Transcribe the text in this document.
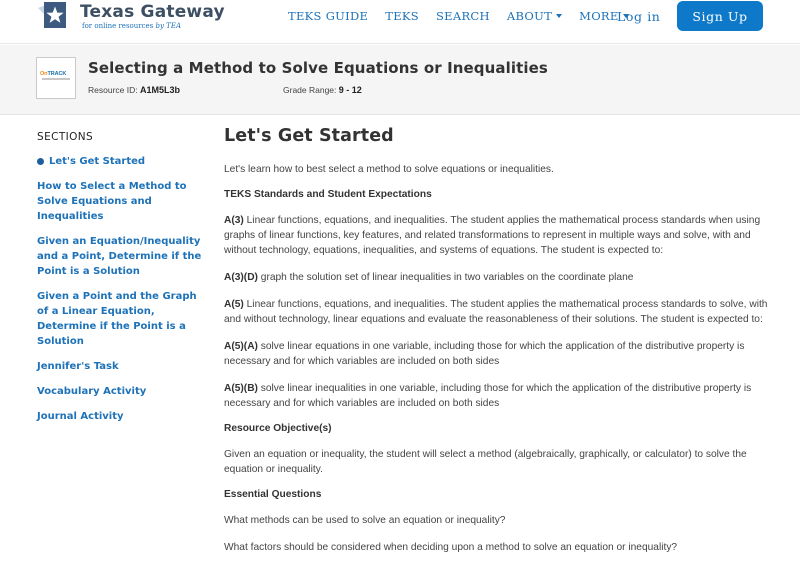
Texas Gateway
for online resources by TEA
TEKS GUIDE TEKS SEARCH ABOUT MORE
Log in	Sign Up
OnTRACK Selecting a Method to Solve Equations or Inequalities
Resource ID: A1M5L3b	Grade Range: 9 - 12
SECTIONS
Let's Get Started
How to Select a Method to Solve Equations and Inequalities
Given an Equation/Inequality and a Point, Determine if the Point is a Solution
Given a Point and the Graph of a Linear Equation, Determine if the Point is a Solution
Jennifer's Task
Vocabulary Activity
Journal Activity
Let's Get Started
Let's learn how to best select a method to solve equations or inequalities.
TEKS Standards and Student Expectations
A(3) Linear functions, equations, and inequalities. The student applies the mathematical process standards when using graphs of linear functions, key features, and related transformations to represent in multiple ways and solve, with and without technology, equations, inequalities, and systems of equations. The student is expected to:
A(3)(D) graph the solution set of linear inequalities in two variables on the coordinate plane
A(5) Linear functions, equations, and inequalities. The student applies the mathematical process standards to solve, with and without technology, linear equations and evaluate the reasonableness of their solutions. The student is expected to:
A(5)(A) solve linear equations in one variable, including those for which the application of the distributive property is necessary and for which variables are included on both sides
A(5)(B) solve linear inequalities in one variable, including those for which the application of the distributive property is necessary and for which variables are included on both sides
Resource Objective(s)
Given an equation or inequality, the student will select a method (algebraically, graphically, or calculator) to solve the equation or inequality.
Essential Questions
What methods can be used to solve an equation or inequality?
What factors should be considered when deciding upon a method to solve an equation or inequality?
